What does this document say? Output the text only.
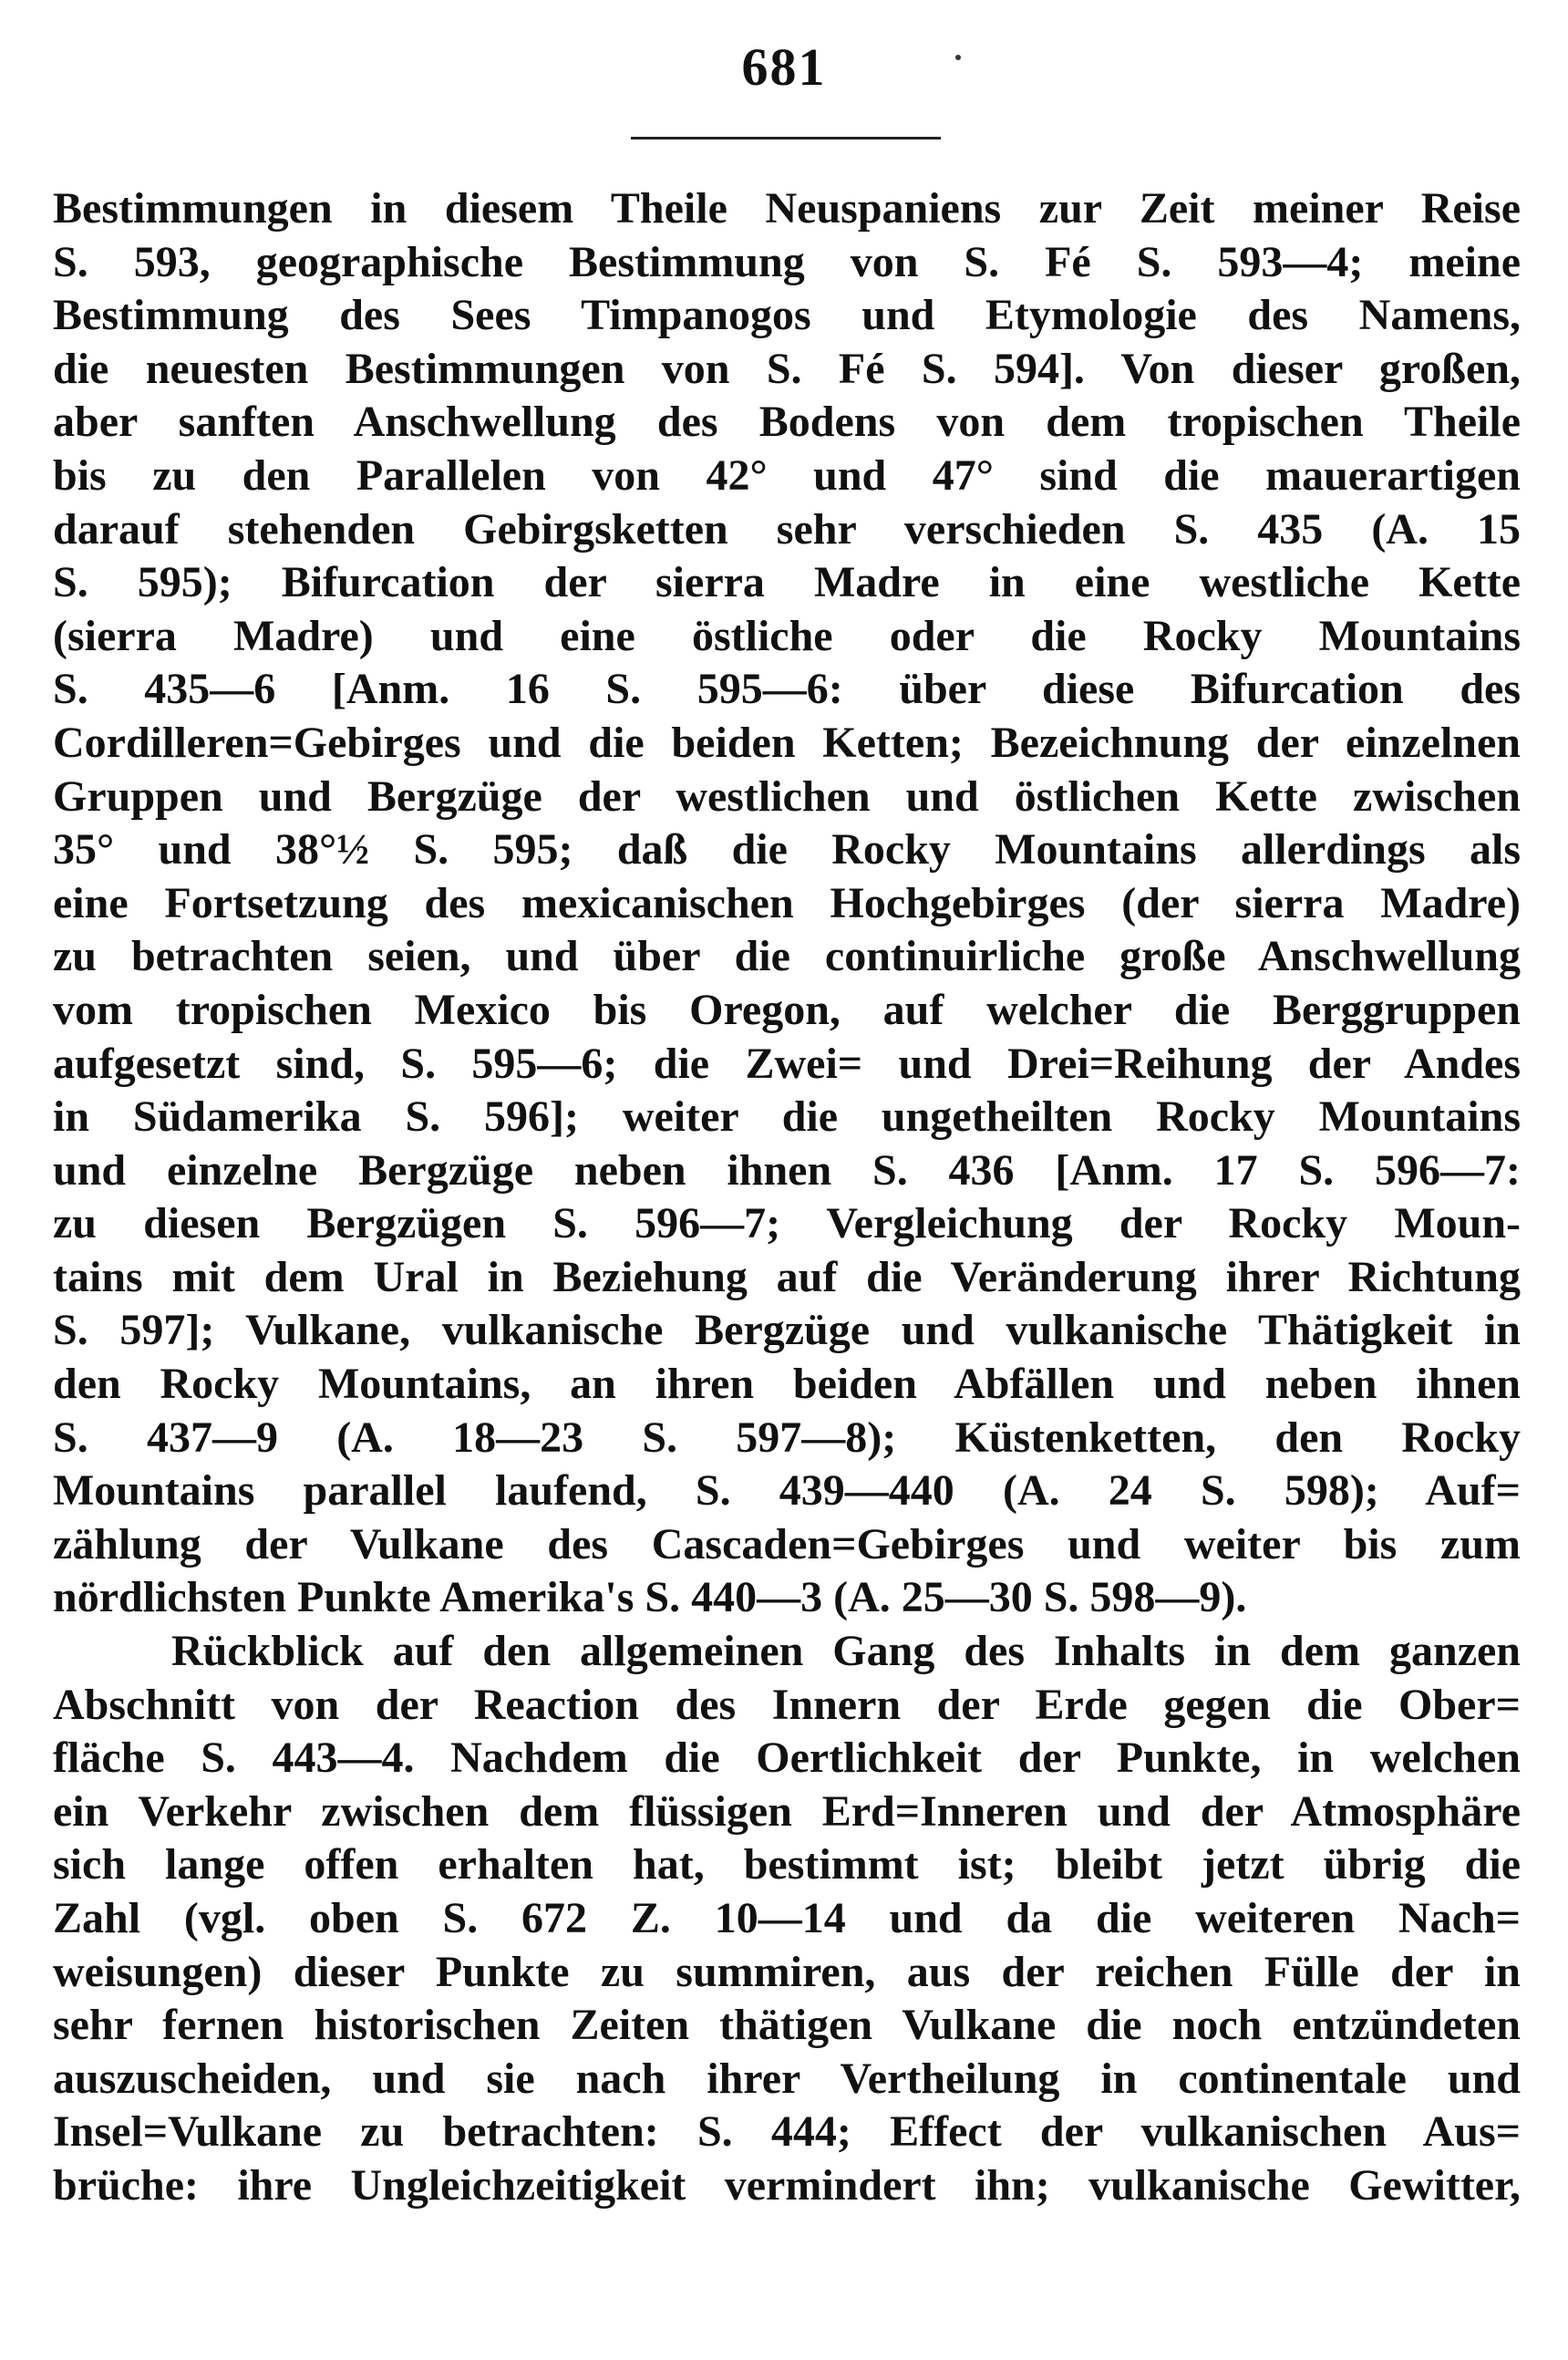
681
Bestimmungen in diesem Theile Neuspaniens zur Zeit meiner Reise
S. 593, geographische Bestimmung von S. Fé S. 593—4; meine
Bestimmung des Sees Timpanogos und Etymologie des Namens,
die neuesten Bestimmungen von S. Fé S. 594]. Von dieser großen,
aber sanften Anschwellung des Bodens von dem tropischen Theile
bis zu den Parallelen von 42° und 47° sind die mauerartigen
darauf stehenden Gebirgsketten sehr verschieden S. 435 (A. 15
S. 595); Bifurcation der sierra Madre in eine westliche Kette
(sierra Madre) und eine östliche oder die Rocky Mountains
S. 435—6 [Anm. 16 S. 595—6: über diese Bifurcation des
Cordilleren=Gebirges und die beiden Ketten; Bezeichnung der einzelnen
Gruppen und Bergzüge der westlichen und östlichen Kette zwischen
35° und 38°½ S. 595; daß die Rocky Mountains allerdings als
eine Fortsetzung des mexicanischen Hochgebirges (der sierra Madre)
zu betrachten seien, und über die continuirliche große Anschwellung
vom tropischen Mexico bis Oregon, auf welcher die Berggruppen
aufgesetzt sind, S. 595—6; die Zwei= und Drei=Reihung der Andes
in Südamerika S. 596]; weiter die ungetheilten Rocky Mountains
und einzelne Bergzüge neben ihnen S. 436 [Anm. 17 S. 596—7:
zu diesen Bergzügen S. 596—7; Vergleichung der Rocky Moun-
tains mit dem Ural in Beziehung auf die Veränderung ihrer Richtung
S. 597]; Vulkane, vulkanische Bergzüge und vulkanische Thätigkeit in
den Rocky Mountains, an ihren beiden Abfällen und neben ihnen
S. 437—9 (A. 18—23 S. 597—8); Küstenketten, den Rocky
Mountains parallel laufend, S. 439—440 (A. 24 S. 598); Auf=
zählung der Vulkane des Cascaden=Gebirges und weiter bis zum
nördlichsten Punkte Amerika's S. 440—3 (A. 25—30 S. 598—9).
Rückblick auf den allgemeinen Gang des Inhalts in dem ganzen
Abschnitt von der Reaction des Innern der Erde gegen die Ober=
fläche S. 443—4. Nachdem die Oertlichkeit der Punkte, in welchen
ein Verkehr zwischen dem flüssigen Erd=Inneren und der Atmosphäre
sich lange offen erhalten hat, bestimmt ist; bleibt jetzt übrig die
Zahl (vgl. oben S. 672 Z. 10—14 und da die weiteren Nach=
weisungen) dieser Punkte zu summiren, aus der reichen Fülle der in
sehr fernen historischen Zeiten thätigen Vulkane die noch entzündeten
auszuscheiden, und sie nach ihrer Vertheilung in continentale und
Insel=Vulkane zu betrachten: S. 444; Effect der vulkanischen Aus=
brüche: ihre Ungleichzeitigkeit vermindert ihn; vulkanische Gewitter,
